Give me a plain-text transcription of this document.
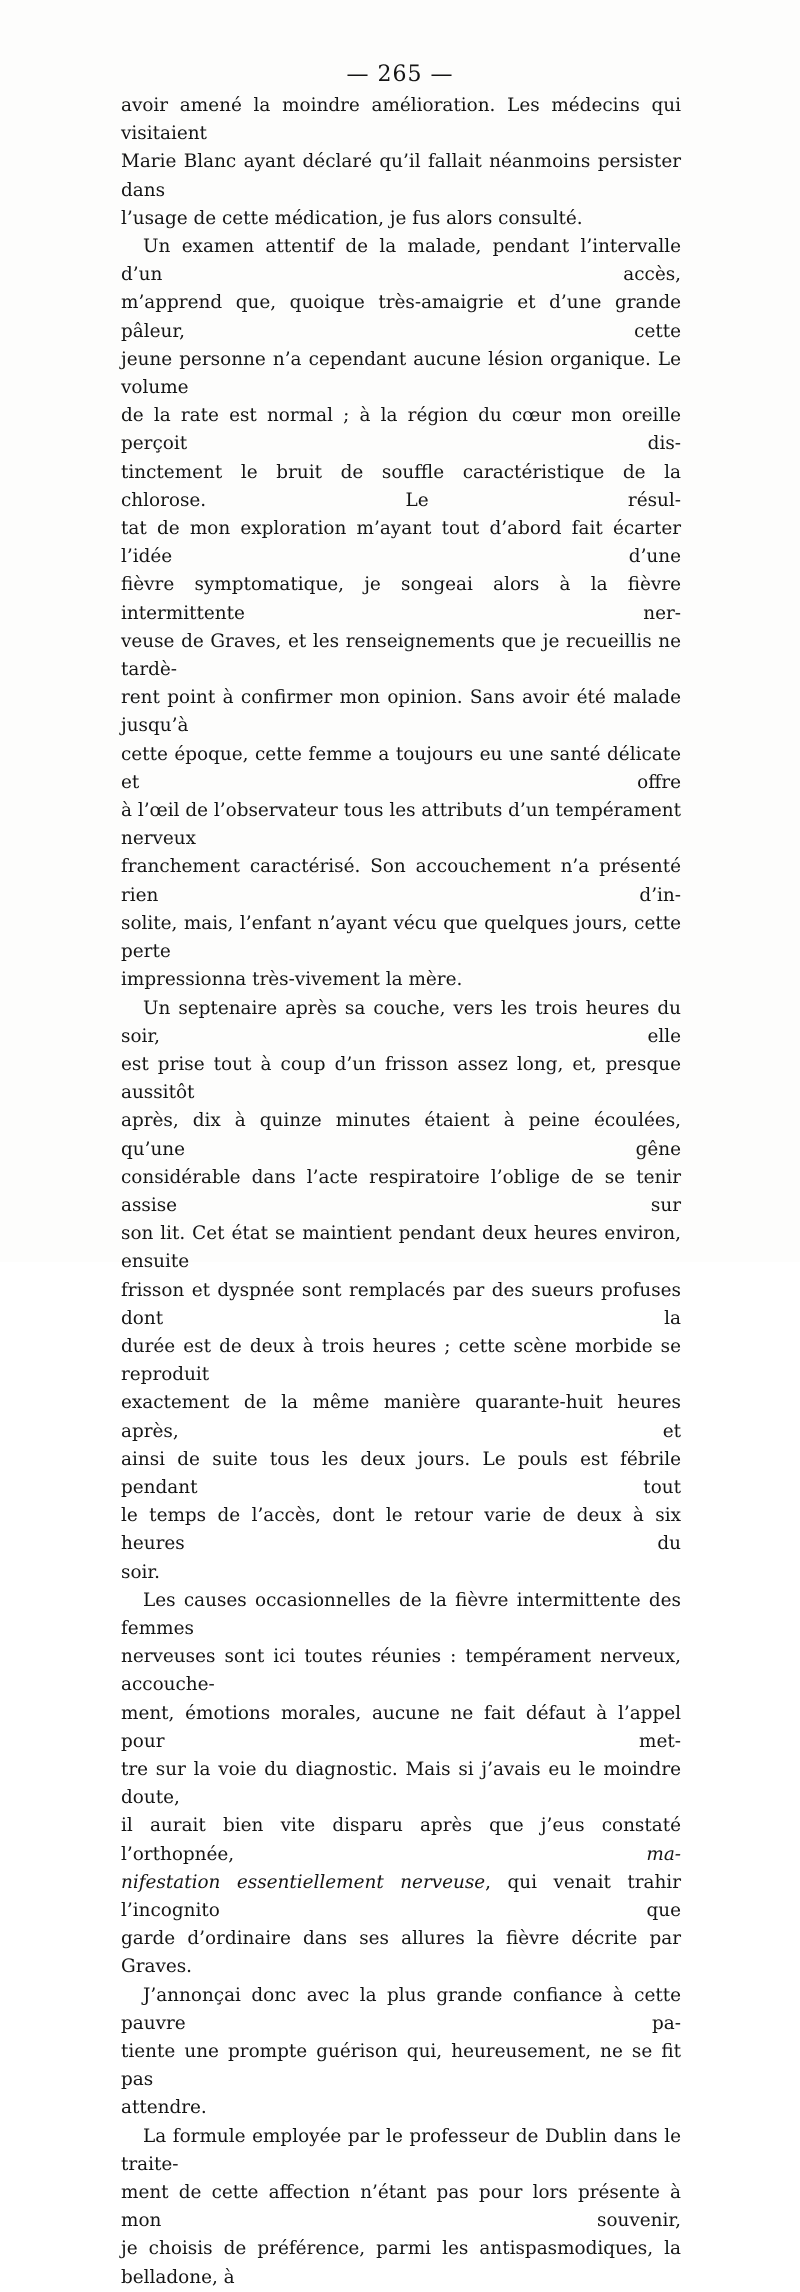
— 265 —
avoir amené la moindre amélioration. Les médecins qui visitaient
Marie Blanc ayant déclaré qu’il fallait néanmoins persister dans
l’usage de cette médication, je fus alors consulté.
Un examen attentif de la malade, pendant l’intervalle d’un accès,
m’apprend que, quoique très-amaigrie et d’une grande pâleur, cette
jeune personne n’a cependant aucune lésion organique. Le volume
de la rate est normal ; à la région du cœur mon oreille perçoit dis-
tinctement le bruit de souffle caractéristique de la chlorose. Le résul-
tat de mon exploration m’ayant tout d’abord fait écarter l’idée d’une
fièvre symptomatique, je songeai alors à la fièvre intermittente ner-
veuse de Graves, et les renseignements que je recueillis ne tardè-
rent point à confirmer mon opinion. Sans avoir été malade jusqu’à
cette époque, cette femme a toujours eu une santé délicate et offre
à l’œil de l’observateur tous les attributs d’un tempérament nerveux
franchement caractérisé. Son accouchement n’a présenté rien d’in-
solite, mais, l’enfant n’ayant vécu que quelques jours, cette perte
impressionna très-vivement la mère.
Un septenaire après sa couche, vers les trois heures du soir, elle
est prise tout à coup d’un frisson assez long, et, presque aussitôt
après, dix à quinze minutes étaient à peine écoulées, qu’une gêne
considérable dans l’acte respiratoire l’oblige de se tenir assise sur
son lit. Cet état se maintient pendant deux heures environ, ensuite
frisson et dyspnée sont remplacés par des sueurs profuses dont la
durée est de deux à trois heures ; cette scène morbide se reproduit
exactement de la même manière quarante-huit heures après, et
ainsi de suite tous les deux jours. Le pouls est fébrile pendant tout
le temps de l’accès, dont le retour varie de deux à six heures du
soir.
Les causes occasionnelles de la fièvre intermittente des femmes
nerveuses sont ici toutes réunies : tempérament nerveux, accouche-
ment, émotions morales, aucune ne fait défaut à l’appel pour met-
tre sur la voie du diagnostic. Mais si j’avais eu le moindre doute,
il aurait bien vite disparu après que j’eus constaté l’orthopnée, ma-
nifestation essentiellement nerveuse, qui venait trahir l’incognito que
garde d’ordinaire dans ses allures la fièvre décrite par Graves.
J’annonçai donc avec la plus grande confiance à cette pauvre pa-
tiente une prompte guérison qui, heureusement, ne se fit pas
attendre.
La formule employée par le professeur de Dublin dans le traite-
ment de cette affection n’étant pas pour lors présente à mon souvenir,
je choisis de préférence, parmi les antispasmodiques, la belladone, à
